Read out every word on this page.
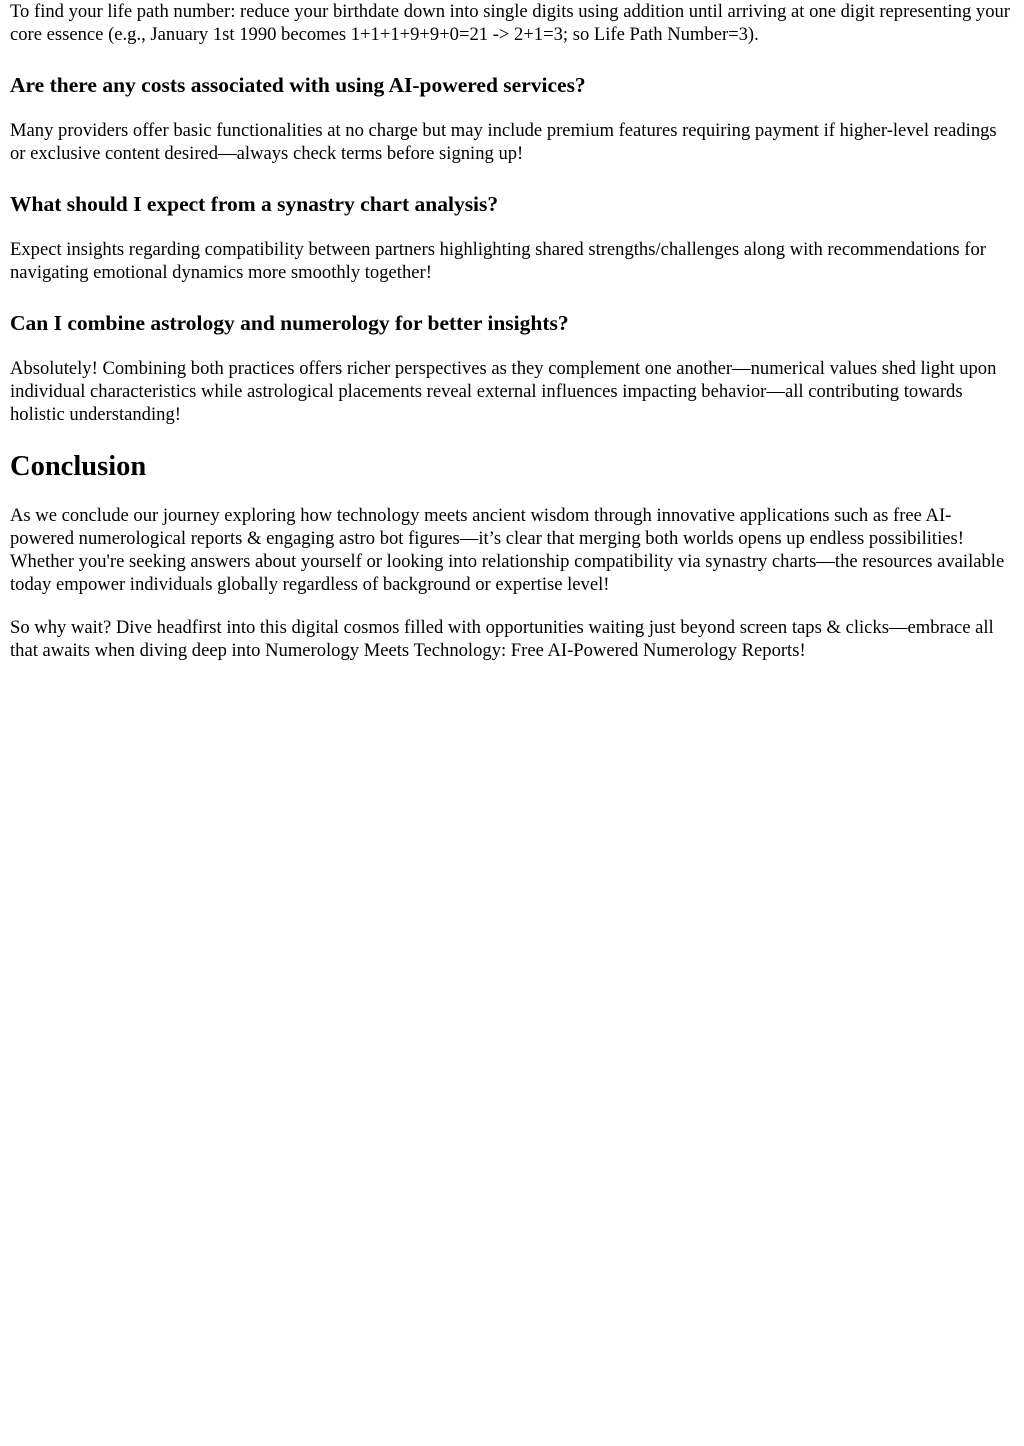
To find your life path number: reduce your birthdate down into single digits using addition until arriving at one digit representing your core essence (e.g., January 1st 1990 becomes 1+1+1+9+9+0=21 -> 2+1=3; so Life Path Number=3).

Are there any costs associated with using AI-powered services?

Many providers offer basic functionalities at no charge but may include premium features requiring payment if higher-level readings or exclusive content desired—always check terms before signing up!

What should I expect from a synastry chart analysis?

Expect insights regarding compatibility between partners highlighting shared strengths/challenges along with recommendations for navigating emotional dynamics more smoothly together!

Can I combine astrology and numerology for better insights?

Absolutely! Combining both practices offers richer perspectives as they complement one another—numerical values shed light upon individual characteristics while astrological placements reveal external influences impacting behavior—all contributing towards holistic understanding!

Conclusion

As we conclude our journey exploring how technology meets ancient wisdom through innovative applications such as free AI-powered numerological reports & engaging astro bot figures—it’s clear that merging both worlds opens up endless possibilities! Whether you're seeking answers about yourself or looking into relationship compatibility via synastry charts—the resources available today empower individuals globally regardless of background or expertise level!

So why wait? Dive headfirst into this digital cosmos filled with opportunities waiting just beyond screen taps & clicks—embrace all that awaits when diving deep into Numerology Meets Technology: Free AI-Powered Numerology Reports!
